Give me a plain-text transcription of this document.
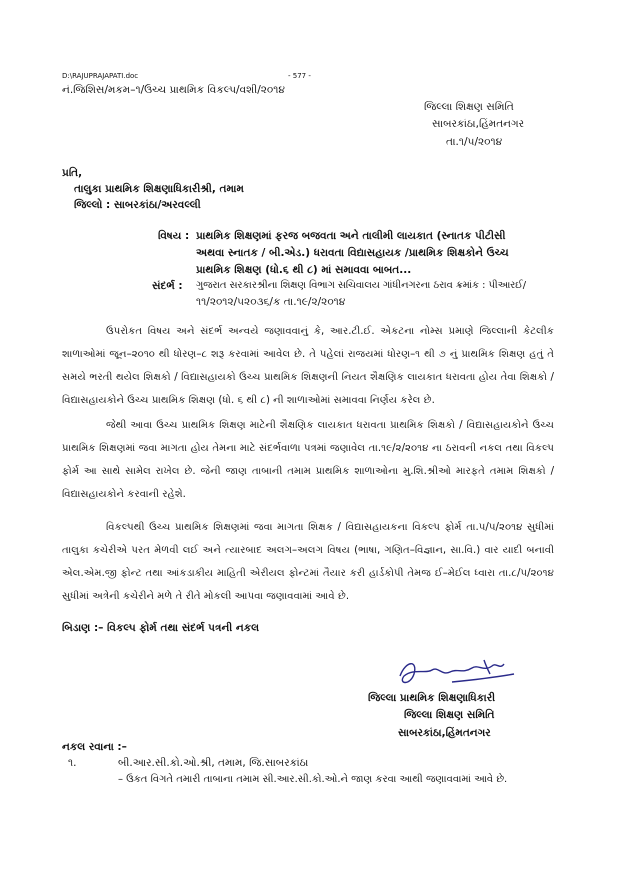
D:\RAJUPRAJAPATI.doc	- 577 -
નં.જિશિસ/મકમ–૧/ઉચ્ચ પ્રાથમિક વિકલ્પ/વશી/૨૦૧૪
જિલ્લા શિક્ષણ સમિતિ
સાબરકાંઠા,હિંમતનગર
તા.૧/૫/૨૦૧૪
પ્રતિ,
તાલુકા પ્રાથમિક શિક્ષણાધિકારીશ્રી, તમામ
જિલ્લો : સાબરકાંઠા/અરવલ્લી
વિષય : પ્રાથમિક શિક્ષણમાં ફરજ બજવતા અને તાલીમી લાયકાત (સ્નાતક પીટીસી
અથવા સ્નાતક / બી.એડ.) ધરાવતા વિદ્યાસહાયક /પ્રાથમિક શિક્ષકોને ઉચ્ચ
પ્રાથમિક શિક્ષણ (ધો.૬ થી ૮) માં સમાવવા બાબત...
સંદર્ભ : ગુજરાત સરકારશ્રીના શિક્ષણ વિભાગ સચિવાલય ગાંધીનગરના ઠરાવ ક્રમાંક : પીઆરઈ/
૧૧/૨૦૧૨/૫૨૦૩૬/ક તા.૧૯/૨/૨૦૧૪
ઉપરોકત વિષય અને સંદર્ભ અન્વયે જણાવવાનું કે, આર.ટી.ઈ. એકટના નોમ્સ પ્રમાણે જિલ્લાની કેટલીક શાળાઓમાં જૂન–૨૦૧૦ થી ધોરણ–૮ શરૂ કરવામાં આવેલ છે. તે પહેલાં રાજયમાં ધોરણ–૧ થી ૭ નું પ્રાથમિક શિક્ષણ હતું તે સમયે ભરતી થયેલ શિક્ષકો / વિદ્યાસહાયકો ઉચ્ચ પ્રાથમિક શિક્ષણની નિયત શૈક્ષણિક લાયકાત ધરાવતા હોય તેવા શિક્ષકો / વિદ્યાસહાયકોને ઉચ્ચ પ્રાથમિક શિક્ષણ (ધો. ૬ થી ૮) ની શાળાઓમાં સમાવવા નિર્ણય કરેલ છે.
જેથી આવા ઉચ્ચ પ્રાથમિક શિક્ષણ માટેની શૈક્ષણિક લાયકાત ધરાવતા પ્રાથમિક શિક્ષકો / વિદ્યાસહાયકોને ઉચ્ચ પ્રાથમિક શિક્ષણમાં જવા માગતા હોય તેમના માટે સંદર્ભવાળા પત્રમાં જણાવેલ તા.૧૯/૨/૨૦૧૪ ના ઠરાવની નકલ તથા વિકલ્પ ફોર્મ આ સાથે સામેલ રાખેલ છે. જેની જાણ તાબાની તમામ પ્રાથમિક શાળાઓના મુ.શિ.શ્રીઓ મારફતે તમામ શિક્ષકો / વિદ્યાસહાયકોને કરવાની રહેશે.
વિકલ્પથી ઉચ્ચ પ્રાથમિક શિક્ષણમાં જવા માગતા શિક્ષક / વિદ્યાસહાયકના વિકલ્પ ફોર્મ તા.૫/૫/૨૦૧૪ સુધીમાં તાલુકા કચેરીએ પરત મેળવી લઈ અને ત્યારબાદ અલગ–અલગ વિષય (ભાષા, ગણિત–વિજ્ઞાન, સા.વિ.) વાર યાદી બનાવી એલ.એમ.જી ફોન્ટ તથા આંકડાકીય માહિતી એરીયલ ફોન્ટમાં તૈયાર કરી હાર્ડકોપી તેમજ ઈ–મેઈલ ધ્વારા તા.૮/૫/૨૦૧૪ સુધીમાં અત્રેની કચેરીને મળે તે રીતે મોકલી આપવા જણાવવામાં આવે છે.
બિડાણ :– વિકલ્પ ફોર્મ તથા સંદર્ભ પત્રની નકલ
જિલ્લા પ્રાથમિક શિક્ષણાધિકારી
જિલ્લા શિક્ષણ સમિતિ
સાબરકાંઠા,હિંમતનગર
નકલ રવાના :–
૧.	બી.આર.સી.કો.ઓ.શ્રી, તમામ, જિ.સાબરકાંઠા
– ઉકત વિગતે તમારી તાબાના તમામ સી.આર.સી.કો.ઓ.ને જાણ કરવા આથી જણાવવામાં આવે છે.
